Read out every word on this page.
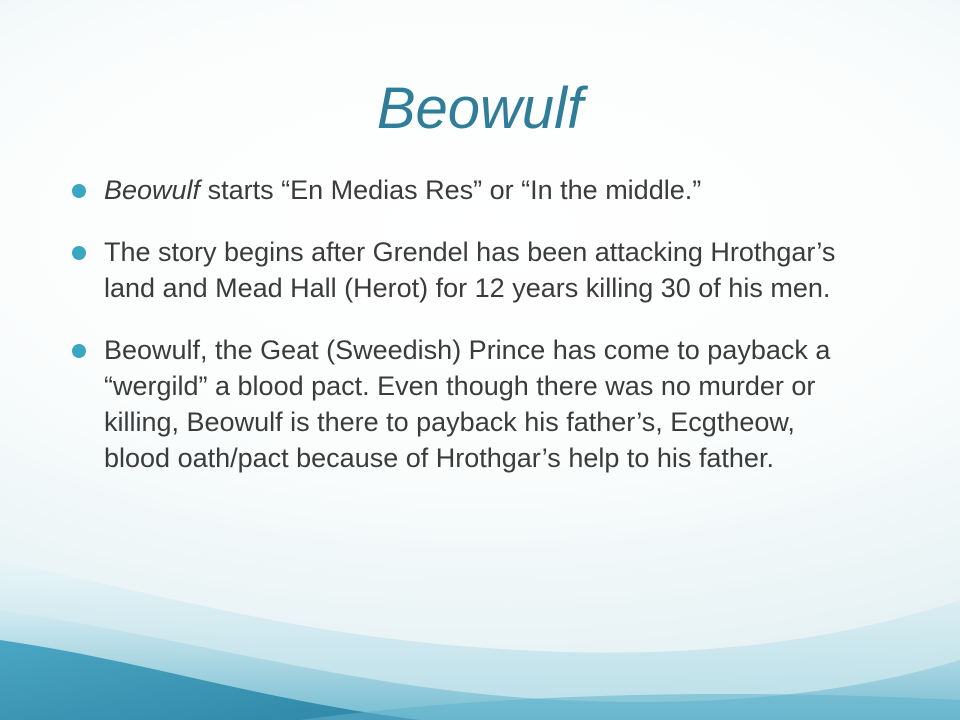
Beowulf
Beowulf starts “En Medias Res” or “In the middle.”
The story begins after Grendel has been attacking Hrothgar’s land and Mead Hall (Herot) for 12 years killing 30 of his men.
Beowulf, the Geat (Sweedish) Prince has come to payback a “wergild” a blood pact. Even though there was no murder or killing, Beowulf is there to payback his father’s, Ecgtheow, blood oath/pact because of Hrothgar’s help to his father.
